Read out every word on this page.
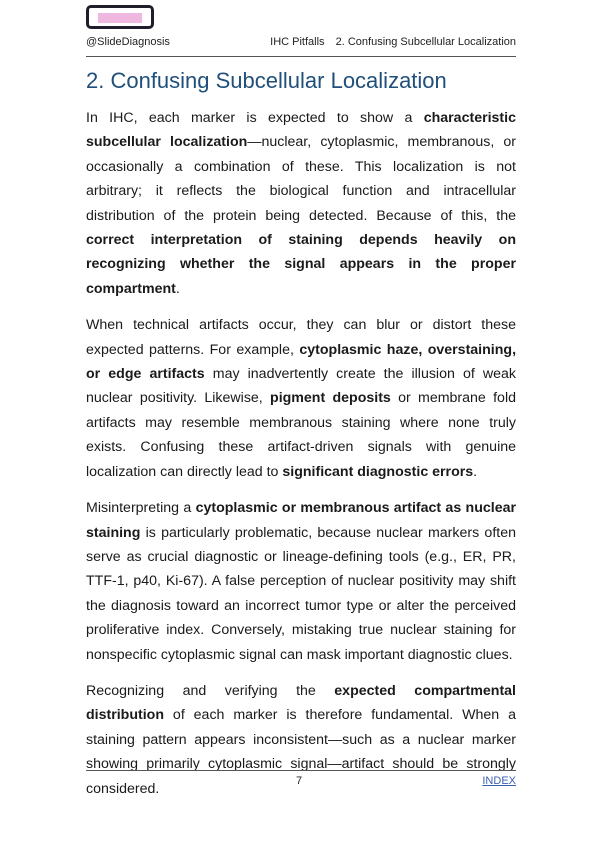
@SlideDiagnosis	IHC Pitfalls 2. Confusing Subcellular Localization
2. Confusing Subcellular Localization

In IHC, each marker is expected to show a characteristic subcellular localization—nuclear, cytoplasmic, membranous, or occasionally a combination of these. This localization is not arbitrary; it reflects the biological function and intracellular distribution of the protein being detected. Because of this, the correct interpretation of staining depends heavily on recognizing whether the signal appears in the proper compartment.

When technical artifacts occur, they can blur or distort these expected patterns. For example, cytoplasmic haze, overstaining, or edge artifacts may inadvertently create the illusion of weak nuclear positivity. Likewise, pigment deposits or membrane fold artifacts may resemble membranous staining where none truly exists. Confusing these artifact-driven signals with genuine localization can directly lead to significant diagnostic errors.

Misinterpreting a cytoplasmic or membranous artifact as nuclear staining is particularly problematic, because nuclear markers often serve as crucial diagnostic or lineage-defining tools (e.g., ER, PR, TTF-1, p40, Ki-67). A false perception of nuclear positivity may shift the diagnosis toward an incorrect tumor type or alter the perceived proliferative index. Conversely, mistaking true nuclear staining for nonspecific cytoplasmic signal can mask important diagnostic clues.

Recognizing and verifying the expected compartmental distribution of each marker is therefore fundamental. When a staining pattern appears inconsistent—such as a nuclear marker showing primarily cytoplasmic signal—artifact should be strongly considered.	7	INDEX
